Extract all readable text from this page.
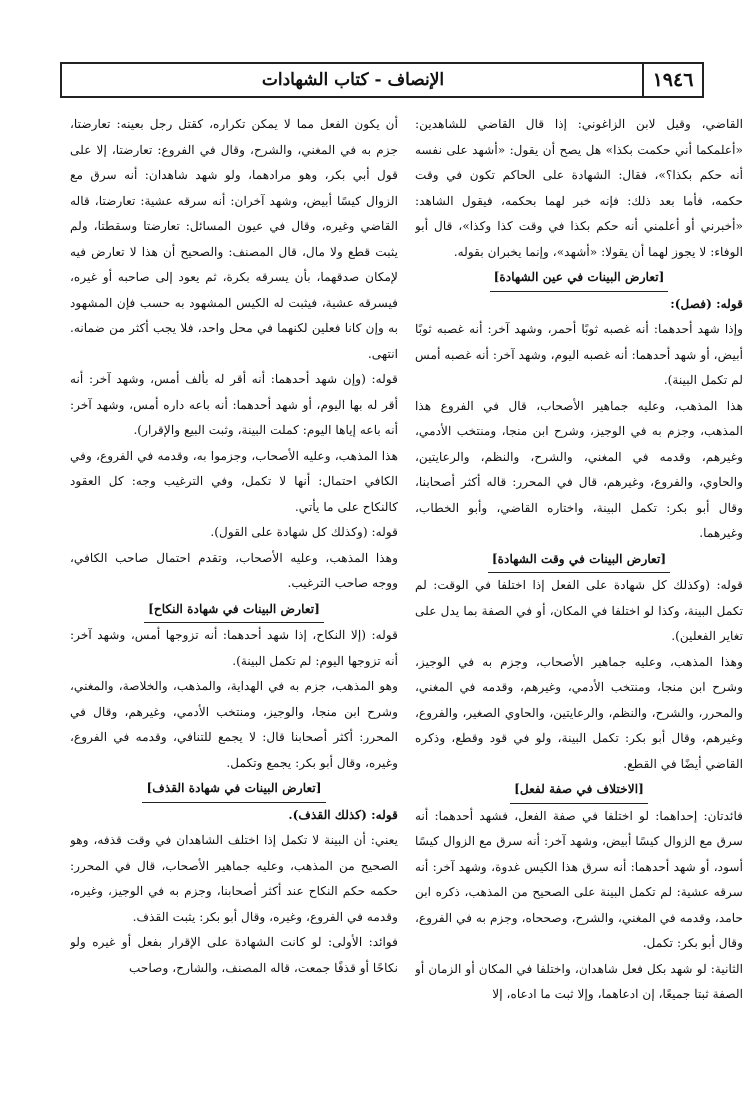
١٩٤٦
الإنصاف - كتاب الشهادات

القاضي، وقيل لابن الزاغوني: إذا قال القاضي للشاهدين: «أعلمكما أني حكمت بكذا» هل يصح أن يقول: «أشهد على نفسه أنه حكم بكذا؟»، فقال: الشهادة على الحاكم تكون في وقت حكمه، فأما بعد ذلك: فإنه خبر لهما بحكمه، فيقول الشاهد: «أخبرني أو أعلمني أنه حكم بكذا في وقت كذا وكذا»، قال أبو الوفاء: لا يجوز لهما أن يقولا: «أشهد»، وإنما يخبران بقوله.

[تعارض البينات في عين الشهادة]

قوله: (فصل):

وإذا شهد أحدهما: أنه غصبه ثوبًا أحمر، وشهد آخر: أنه غصبه ثوبًا أبيض، أو شهد أحدهما: أنه غصبه اليوم، وشهد آخر: أنه غصبه أمس لم تكمل البينة).

هذا المذهب، وعليه جماهير الأصحاب، قال في الفروع هذا المذهب، وجزم به في الوجيز، وشرح ابن منجا، ومنتخب الأدمي، وغيرهم، وقدمه في المغني، والشرح، والنظم، والرعايتين، والحاوي، والفروع، وغيرهم، قال في المحرر: قاله أكثر أصحابنا، وقال أبو بكر: تكمل البينة، واختاره القاضي، وأبو الخطاب، وغيرهما.

[تعارض البينات في وقت الشهادة]

قوله: (وكذلك كل شهادة على الفعل إذا اختلفا في الوقت: لم تكمل البينة، وكذا لو اختلفا في المكان، أو في الصفة بما يدل على تغاير الفعلين).

وهذا المذهب، وعليه جماهير الأصحاب، وجزم به في الوجيز، وشرح ابن منجا، ومنتخب الأدمي، وغيرهم، وقدمه في المغني، والمحرر، والشرح، والنظم، والرعايتين، والحاوي الصغير، والفروع، وغيرهم، وقال أبو بكر: تكمل البينة، ولو في قود وقطع، وذكره القاضي أيضًا في القطع.

[الاختلاف في صفة لفعل]

فائدتان: إحداهما: لو اختلفا في صفة الفعل، فشهد أحدهما: أنه سرق مع الزوال كيسًا أبيض، وشهد آخر: أنه سرق مع الزوال كيسًا أسود، أو شهد أحدهما: أنه سرق هذا الكيس غدوة، وشهد آخر: أنه سرقه عشية: لم تكمل البينة على الصحيح من المذهب، ذكره ابن حامد، وقدمه في المغني، والشرح، وصححاه، وجزم به في الفروع، وقال أبو بكر: تكمل.

الثانية: لو شهد بكل فعل شاهدان، واختلفا في المكان أو الزمان أو الصفة ثبتا جميعًا، إن ادعاهما، وإلا ثبت ما ادعاه، إلا

أن يكون الفعل مما لا يمكن تكراره، كقتل رجل بعينه: تعارضتا، جزم به في المغني، والشرح، وقال في الفروع: تعارضتا، إلا على قول أبي بكر، وهو مرادهما، ولو شهد شاهدان: أنه سرق مع الزوال كيسًا أبيض، وشهد آخران: أنه سرقه عشية: تعارضتا، قاله القاضي وغيره، وقال في عيون المسائل: تعارضتا وسقطتا، ولم يثبت قطع ولا مال، قال المصنف: والصحيح أن هذا لا تعارض فيه لإمكان صدقهما، بأن يسرقه بكرة، ثم يعود إلى صاحبه أو غيره، فيسرقه عشية، فيثبت له الكيس المشهود به حسب فإن المشهود به وإن كانا فعلين لكنهما في محل واحد، فلا يجب أكثر من ضمانه. انتهى.

قوله: (وإن شهد أحدهما: أنه أقر له بألف أمس، وشهد آخر: أنه أقر له بها اليوم، أو شهد أحدهما: أنه باعه داره أمس، وشهد آخر: أنه باعه إياها اليوم: كملت البينة، وثبت البيع والإقرار).

هذا المذهب، وعليه الأصحاب، وجزموا به، وقدمه في الفروع، وفي الكافي احتمال: أنها لا تكمل، وفي الترغيب وجه: كل العقود كالنكاح على ما يأتي.

قوله: (وكذلك كل شهادة على القول).

وهذا المذهب، وعليه الأصحاب، وتقدم احتمال صاحب الكافي، ووجه صاحب الترغيب.

[تعارض البينات في شهادة النكاح]

قوله: (إلا النكاح، إذا شهد أحدهما: أنه تزوجها أمس، وشهد آخر: أنه تزوجها اليوم: لم تكمل البينة).

وهو المذهب، جزم به في الهداية، والمذهب، والخلاصة، والمغني، وشرح ابن منجا، والوجيز، ومنتخب الأدمي، وغيرهم، وقال في المحرر: أكثر أصحابنا قال: لا يجمع للتنافي، وقدمه في الفروع، وغيره، وقال أبو بكر: يجمع وتكمل.

[تعارض البينات في شهادة القذف]

قوله: (كذلك القذف).

يعني: أن البينة لا تكمل إذا اختلف الشاهدان في وقت قذفه، وهو الصحيح من المذهب، وعليه جماهير الأصحاب، قال في المحرر: حكمه حكم النكاح عند أكثر أصحابنا، وجزم به في الوجيز، وغيره، وقدمه في الفروع، وغيره، وقال أبو بكر: يثبت القذف.

فوائد: الأولى: لو كانت الشهادة على الإقرار بفعل أو غيره ولو نكاحًا أو قذفًا جمعت، قاله المصنف، والشارح، وصاحب
